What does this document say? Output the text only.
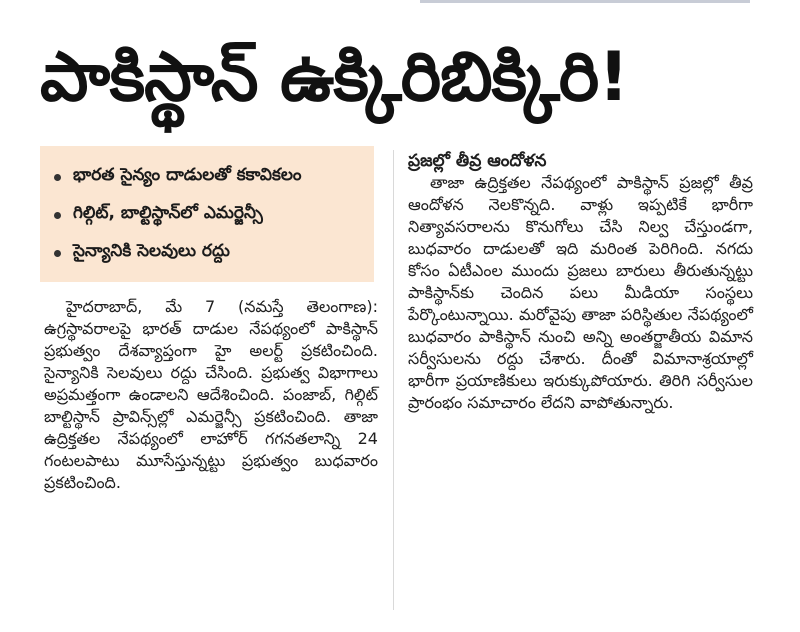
పాకిస్థాన్ ఉక్కిరిబిక్కిరి!
భారత సైన్యం దాడులతో కకావికలం
గిల్గిట్, బాల్టిస్థాన్‌లో ఎమర్జెన్సీ
సైన్యానికి సెలవులు రద్దు

హైదరాబాద్, మే 7 (నమస్తే తెలంగాణ): ఉగ్రస్థావరాలపై భారత్ దాడుల నేపథ్యంలో పాకిస్థాన్ ప్రభుత్వం దేశవ్యాప్తంగా హై అలర్ట్ ప్రకటించింది. సైన్యానికి సెలవులు రద్దు చేసింది. ప్రభుత్వ విభాగాలు అప్రమత్తంగా ఉండాలని ఆదేశించింది. పంజాబ్, గిల్గిట్ బాల్టిస్థాన్ ప్రావిన్స్‌ల్లో ఎమర్జెన్సీ ప్రకటించింది. తాజా ఉద్రిక్తతల నేపథ్యంలో లాహోర్ గగనతలాన్ని 24 గంటలపాటు మూసేస్తున్నట్టు ప్రభుత్వం బుధవారం ప్రకటించింది.

ప్రజల్లో తీవ్ర ఆందోళన

తాజా ఉద్రిక్తతల నేపథ్యంలో పాకిస్థాన్ ప్రజల్లో తీవ్ర ఆందోళన నెలకొన్నది. వాళ్లు ఇప్పటికే భారీగా నిత్యావసరాలను కొనుగోలు చేసి నిల్వ చేస్తుండగా, బుధవారం దాడులతో ఇది మరింత పెరిగింది. నగదు కోసం ఏటీఎంల ముందు ప్రజలు బారులు తీరుతున్నట్టు పాకిస్థాన్‌కు చెందిన పలు మీడియా సంస్థలు పేర్కొంటున్నాయి. మరోవైపు తాజా పరిస్థితుల నేపథ్యంలో బుధవారం పాకిస్థాన్ నుంచి అన్ని అంతర్జాతీయ విమాన సర్వీసులను రద్దు చేశారు. దీంతో విమానాశ్రయాల్లో భారీగా ప్రయాణికులు ఇరుక్కుపోయారు. తిరిగి సర్వీసుల ప్రారంభం సమాచారం లేదని వాపోతున్నారు.
